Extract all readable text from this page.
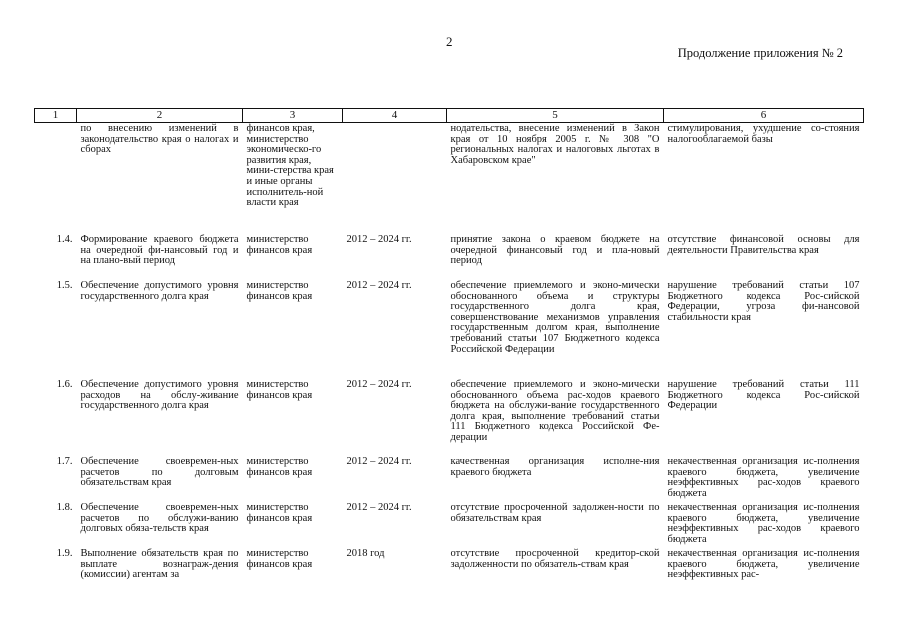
2
Продолжение приложения № 2
1	2	3	4	5	6
	по внесению изменений в законодательство края о налогах и сборах	финансов края, министерство экономическо-го развития края, мини-стерства края и иные органы исполнитель-ной власти края		нодательства, внесение изменений в Закон края от 10 ноября 2005 г. № 308 "О региональных налогах и налоговых льготах в Хабаровском крае"	стимулирования, ухудшение со-стояния налогооблагаемой базы
1.4.	Формирование краевого бюджета на очередной фи-нансовый год и на плано-вый период	министерство финансов края	2012 – 2024 гг.	принятие закона о краевом бюджете на очередной финансовый год и пла-новый период	отсутствие финансовой основы для деятельности Правительства края
1.5.	Обеспечение допустимого уровня государственного долга края	министерство финансов края	2012 – 2024 гг.	обеспечение приемлемого и эконо-мически обоснованного объема и структуры государственного долга края, совершенствование механизмов управления государственным долгом края, выполнение требований статьи 107 Бюджетного кодекса Российской Федерации	нарушение требований статьи 107 Бюджетного кодекса Рос-сийской Федерации, угроза фи-нансовой стабильности края
1.6.	Обеспечение допустимого уровня расходов на обслу-живание государственного долга края	министерство финансов края	2012 – 2024 гг.	обеспечение приемлемого и эконо-мически обоснованного объема рас-ходов краевого бюджета на обслужи-вание государственного долга края, выполнение требований статьи 111 Бюджетного кодекса Российской Фе-дерации	нарушение требований статьи 111 Бюджетного кодекса Рос-сийской Федерации
1.7.	Обеспечение своевремен-ных расчетов по долговым обязательствам края	министерство финансов края	2012 – 2024 гг.	качественная организация исполне-ния краевого бюджета	некачественная организация ис-полнения краевого бюджета, увеличение неэффективных рас-ходов краевого бюджета
1.8.	Обеспечение своевремен-ных расчетов по обслужи-ванию долговых обяза-тельств края	министерство финансов края	2012 – 2024 гг.	отсутствие просроченной задолжен-ности по обязательствам края	некачественная организация ис-полнения краевого бюджета, увеличение неэффективных рас-ходов краевого бюджета
1.9.	Выполнение обязательств края по выплате вознаграж-дения (комиссии) агентам за	министерство финансов края	2018 год	отсутствие просроченной кредитор-ской задолженности по обязатель-ствам края	некачественная организация ис-полнения краевого бюджета, увеличение неэффективных рас-
